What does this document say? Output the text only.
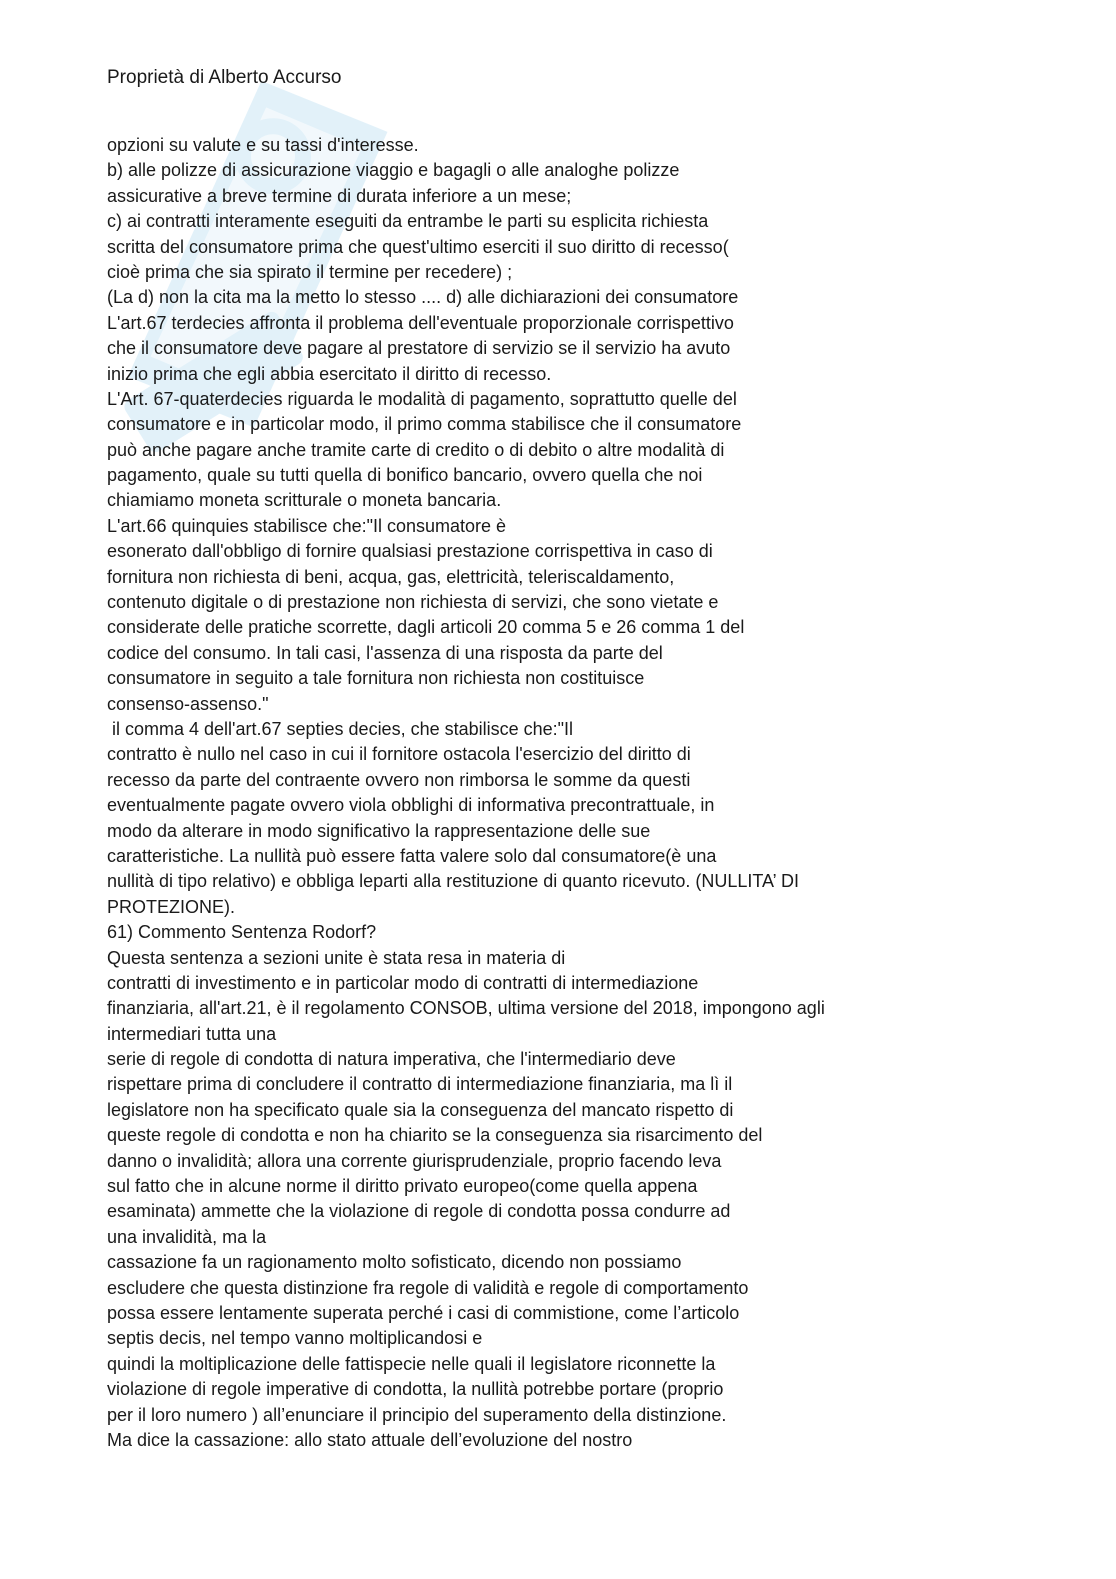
Proprietà di Alberto Accurso
opzioni su valute e su tassi d'interesse.
b) alle polizze di assicurazione viaggio e bagagli o alle analoghe polizze
assicurative a breve termine di durata inferiore a un mese;
c) ai contratti interamente eseguiti da entrambe le parti su esplicita richiesta
scritta del consumatore prima che quest'ultimo eserciti il suo diritto di recesso(
cioè prima che sia spirato il termine per recedere) ;
(La d) non la cita ma la metto lo stesso .... d) alle dichiarazioni dei consumatore
L'art.67 terdecies affronta il problema dell'eventuale proporzionale corrispettivo
che il consumatore deve pagare al prestatore di servizio se il servizio ha avuto
inizio prima che egli abbia esercitato il diritto di recesso.
L'Art. 67-quaterdecies riguarda le modalità di pagamento, soprattutto quelle del
consumatore e in particolar modo, il primo comma stabilisce che il consumatore
può anche pagare anche tramite carte di credito o di debito o altre modalità di
pagamento, quale su tutti quella di bonifico bancario, ovvero quella che noi
chiamiamo moneta scritturale o moneta bancaria.
L'art.66 quinquies stabilisce che:"Il consumatore è
esonerato dall'obbligo di fornire qualsiasi prestazione corrispettiva in caso di
fornitura non richiesta di beni, acqua, gas, elettricità, teleriscaldamento,
contenuto digitale o di prestazione non richiesta di servizi, che sono vietate e
considerate delle pratiche scorrette, dagli articoli 20 comma 5 e 26 comma 1 del
codice del consumo. In tali casi, l'assenza di una risposta da parte del
consumatore in seguito a tale fornitura non richiesta non costituisce
consenso-assenso."
il comma 4 dell'art.67 septies decies, che stabilisce che:"Il
contratto è nullo nel caso in cui il fornitore ostacola l'esercizio del diritto di
recesso da parte del contraente ovvero non rimborsa le somme da questi
eventualmente pagate ovvero viola obblighi di informativa precontrattuale, in
modo da alterare in modo significativo la rappresentazione delle sue
caratteristiche. La nullità può essere fatta valere solo dal consumatore(è una
nullità di tipo relativo) e obbliga leparti alla restituzione di quanto ricevuto. (NULLITA’ DI
PROTEZIONE).
61) Commento Sentenza Rodorf?
Questa sentenza a sezioni unite è stata resa in materia di
contratti di investimento e in particolar modo di contratti di intermediazione
finanziaria, all'art.21, è il regolamento CONSOB, ultima versione del 2018, impongono agli
intermediari tutta una
serie di regole di condotta di natura imperativa, che l'intermediario deve
rispettare prima di concludere il contratto di intermediazione finanziaria, ma lì il
legislatore non ha specificato quale sia la conseguenza del mancato rispetto di
queste regole di condotta e non ha chiarito se la conseguenza sia risarcimento del
danno o invalidità; allora una corrente giurisprudenziale, proprio facendo leva
sul fatto che in alcune norme il diritto privato europeo(come quella appena
esaminata) ammette che la violazione di regole di condotta possa condurre ad
una invalidità, ma la
cassazione fa un ragionamento molto sofisticato, dicendo non possiamo
escludere che questa distinzione fra regole di validità e regole di comportamento
possa essere lentamente superata perché i casi di commistione, come l’articolo
septis decis, nel tempo vanno moltiplicandosi e
quindi la moltiplicazione delle fattispecie nelle quali il legislatore riconnette la
violazione di regole imperative di condotta, la nullità potrebbe portare (proprio
per il loro numero ) all’enunciare il principio del superamento della distinzione.
Ma dice la cassazione: allo stato attuale dell’evoluzione del nostro
